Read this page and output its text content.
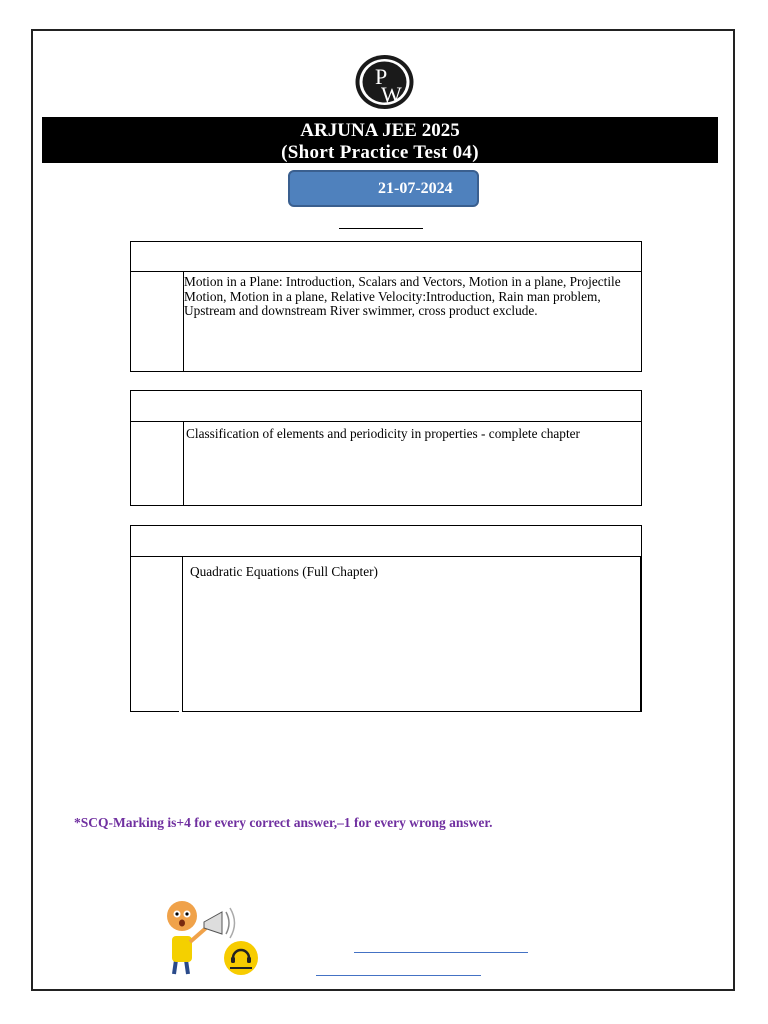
P
W
ARJUNA JEE 2025
(Short Practice Test 04)
21-07-2024
Motion in a Plane: Introduction, Scalars and Vectors, Motion in a plane, Projectile Motion, Motion in a plane, Relative Velocity:Introduction, Rain man problem, Upstream and downstream River swimmer, cross product exclude.
Classification of elements and periodicity in properties - complete chapter
Quadratic Equations (Full Chapter)
*SCQ-Marking is+4 for every correct answer,–1 for every wrong answer.
